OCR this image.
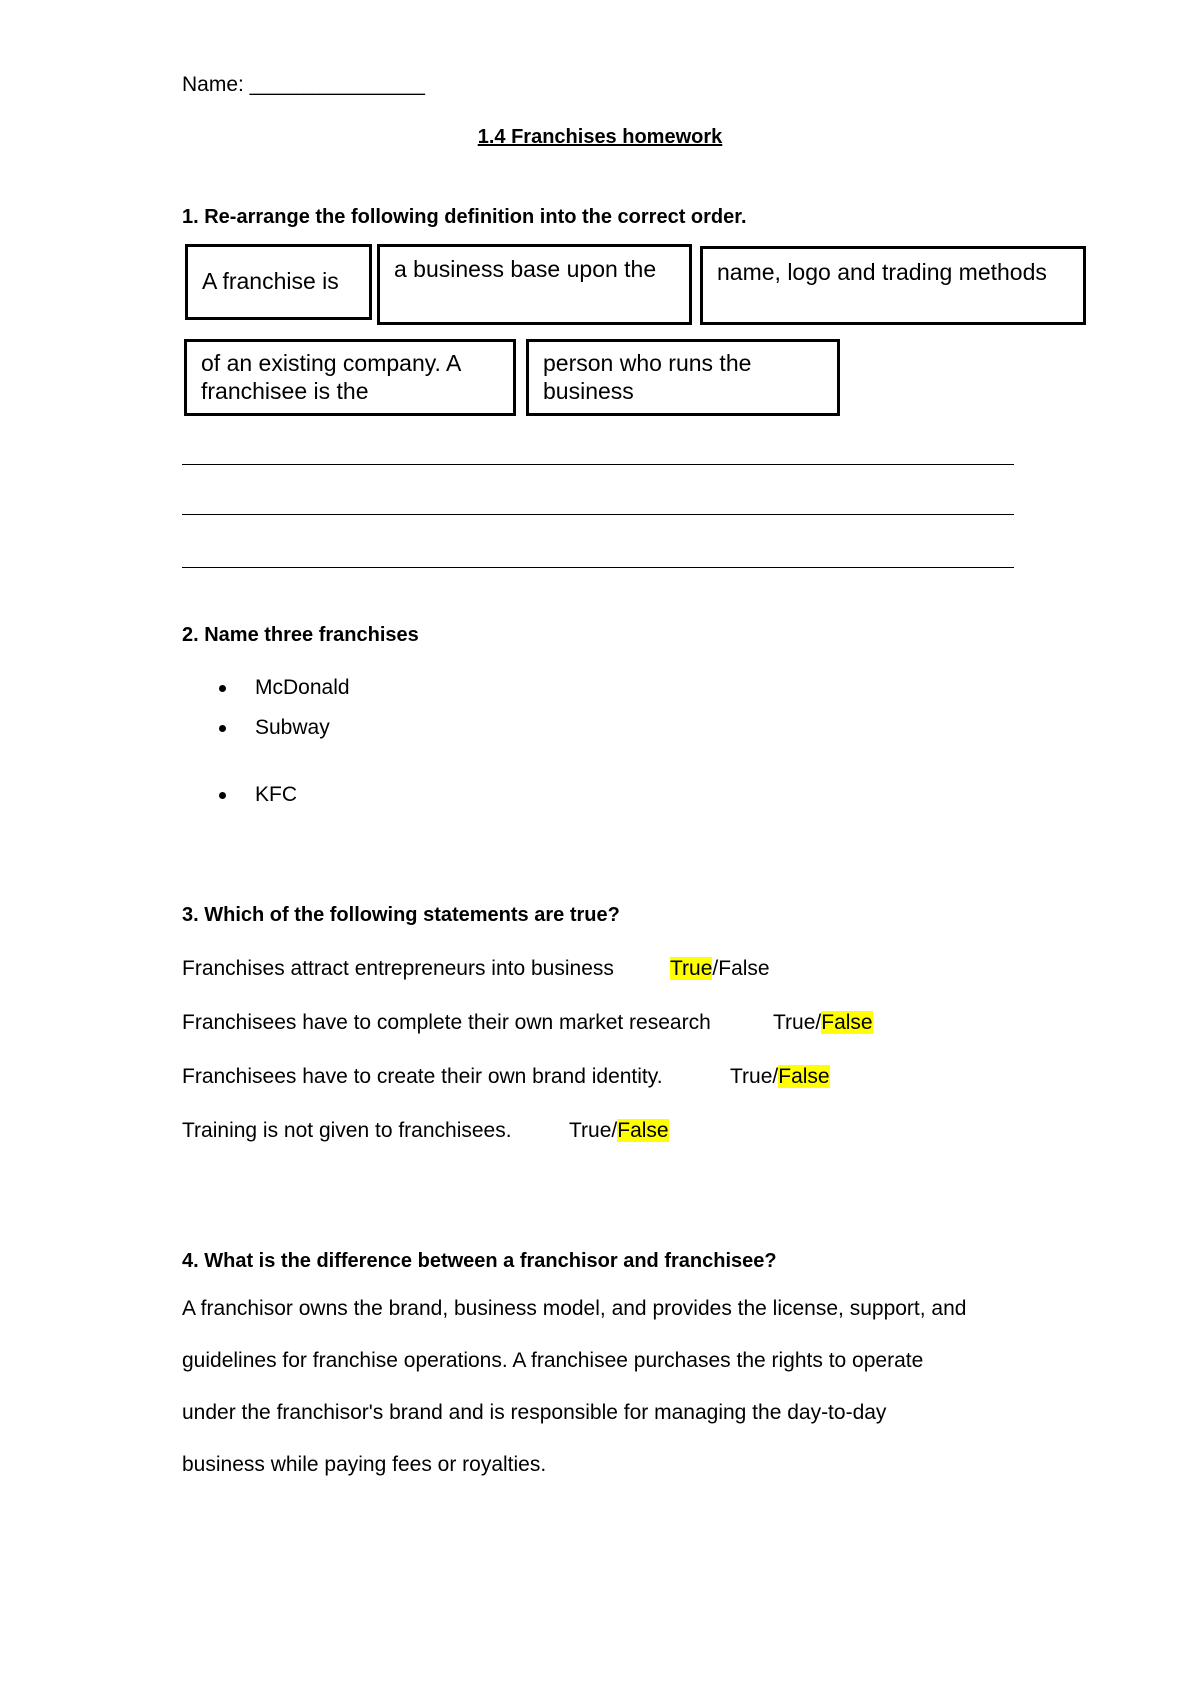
Name: _______________
1.4 Franchises homework
1. Re-arrange the following definition into the correct order.
A franchise is	a business base upon the	name, logo and trading methods
of an existing company. A franchisee is the
person who runs the business
2. Name three franchises
McDonald
Subway
KFC
3. Which of the following statements are true?
Franchises attract entrepreneurs into business	True/False
Franchisees have to complete their own market research	True/False
Franchisees have to create their own brand identity.	True/False
Training is not given to franchisees.	True/False
4. What is the difference between a franchisor and franchisee?
A franchisor owns the brand, business model, and provides the license, support, and
guidelines for franchise operations. A franchisee purchases the rights to operate
under the franchisor's brand and is responsible for managing the day-to-day
business while paying fees or royalties.
